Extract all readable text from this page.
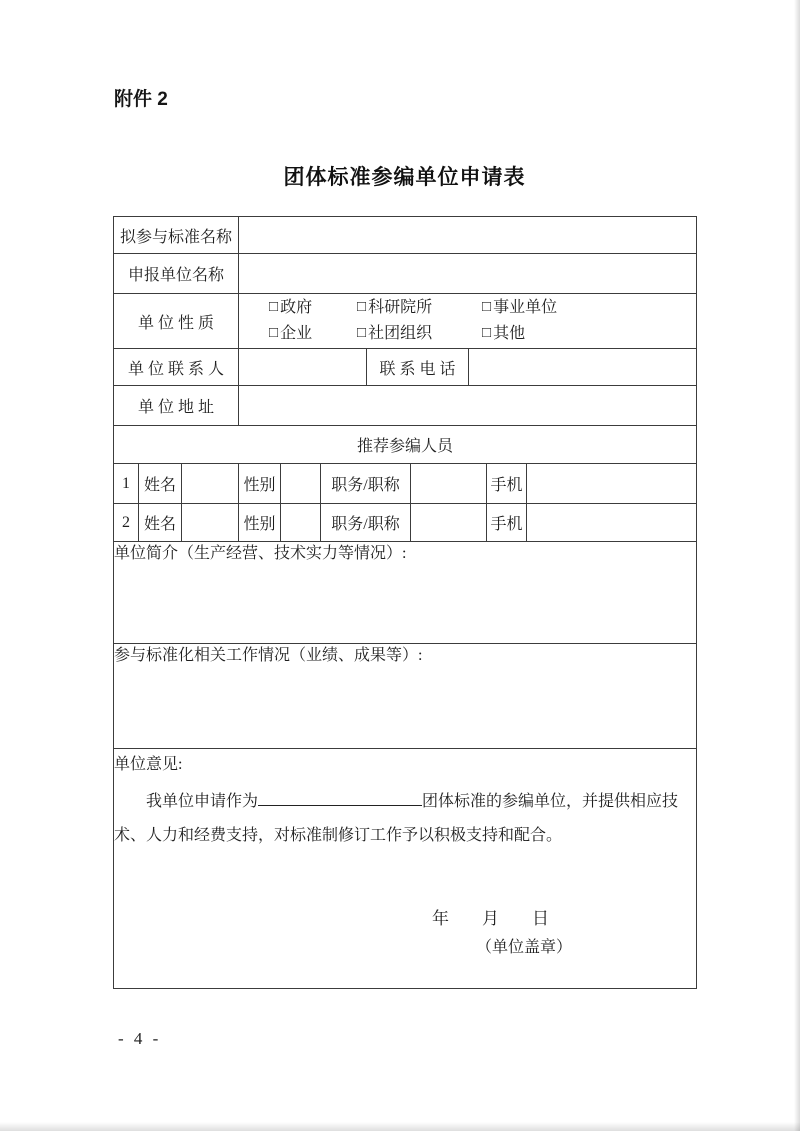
附件 2
团体标准参编单位申请表
拟参与标准名称										
申报单位名称										
单 位 性 质			□ 政府 □ 科研院所 □ 事业单位
□ 企业 □ 社团组织 □ 其他							

单 位 联 系 人						联 系 电 话				
单 位 地 址										
推荐参编人员										
1	姓名		性别		职务/职称				手机	
2	姓名		性别		职务/职称				手机	
单位简介（生产经营、技术实力等情况）:										
参与标准化相关工作情况（业绩、成果等）:										

单位意见:
我单位申请作为 团体标准的参编单位，并提供相应技术、人力和经费支持，对标准制修订工作予以积极支持和配合。
年　月　日
（单位盖章）										
- 4 -
